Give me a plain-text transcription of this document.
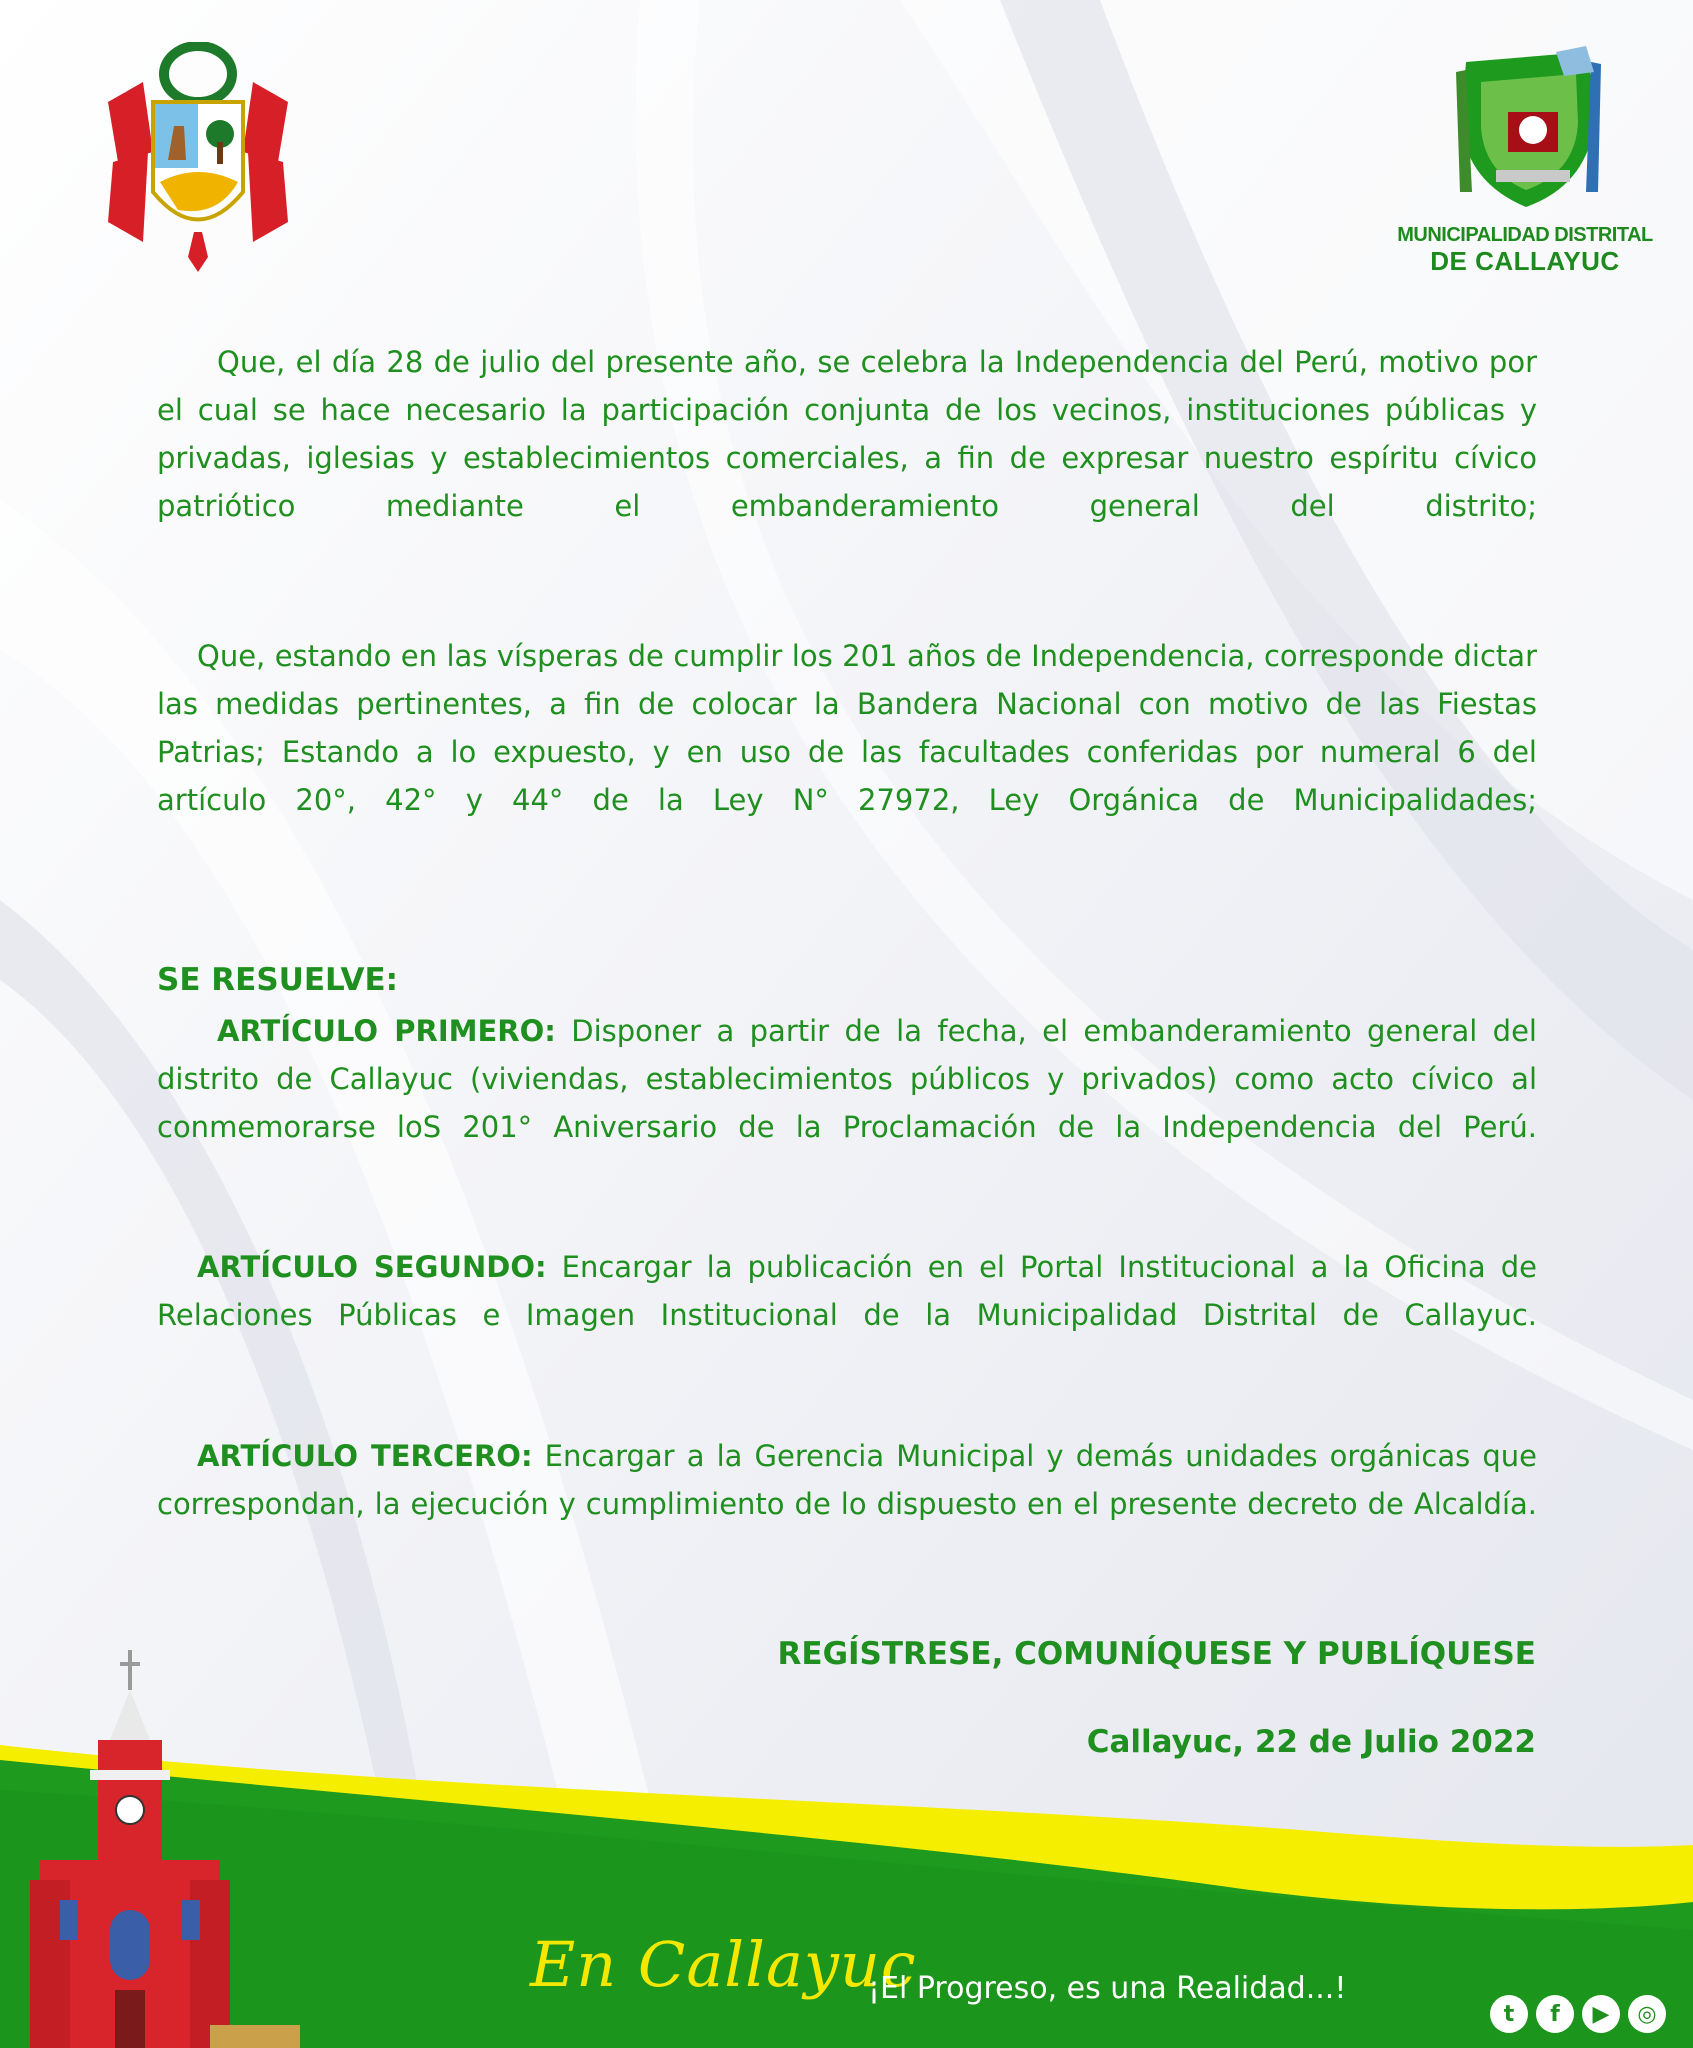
MUNICIPALIDAD DISTRITAL
DE CALLAYUC

Que, el día 28 de julio del presente año, se celebra la Independencia del Perú, motivo por el cual se hace necesario la participación conjunta de los vecinos, instituciones públicas y privadas, iglesias y establecimientos comerciales, a fin de expresar nuestro espíritu cívico patriótico mediante el embanderamiento general del distrito;

Que, estando en las vísperas de cumplir los 201 años de Independencia, corresponde dictar las medidas pertinentes, a fin de colocar la Bandera Nacional con motivo de las Fiestas Patrias; Estando a lo expuesto, y en uso de las facultades conferidas por numeral 6 del artículo 20°, 42° y 44° de la Ley N° 27972, Ley Orgánica de Municipalidades;

SE RESUELVE:

ARTÍCULO PRIMERO: Disponer a partir de la fecha, el embanderamiento general del distrito de Callayuc (viviendas, establecimientos públicos y privados) como acto cívico al conmemorarse loS 201° Aniversario de la Proclamación de la Independencia del Perú.

ARTÍCULO SEGUNDO: Encargar la publicación en el Portal Institucional a la Oficina de Relaciones Públicas e Imagen Institucional de la Municipalidad Distrital de Callayuc.

ARTÍCULO TERCERO: Encargar a la Gerencia Municipal y demás unidades orgánicas que correspondan, la ejecución y cumplimiento de lo dispuesto en el presente decreto de Alcaldía.

REGÍSTRESE, COMUNÍQUESE Y PUBLÍQUESE
Callayuc, 22 de Julio 2022
En Callayuc
¡El Progreso, es una Realidad...!
t	f	▶	◎
